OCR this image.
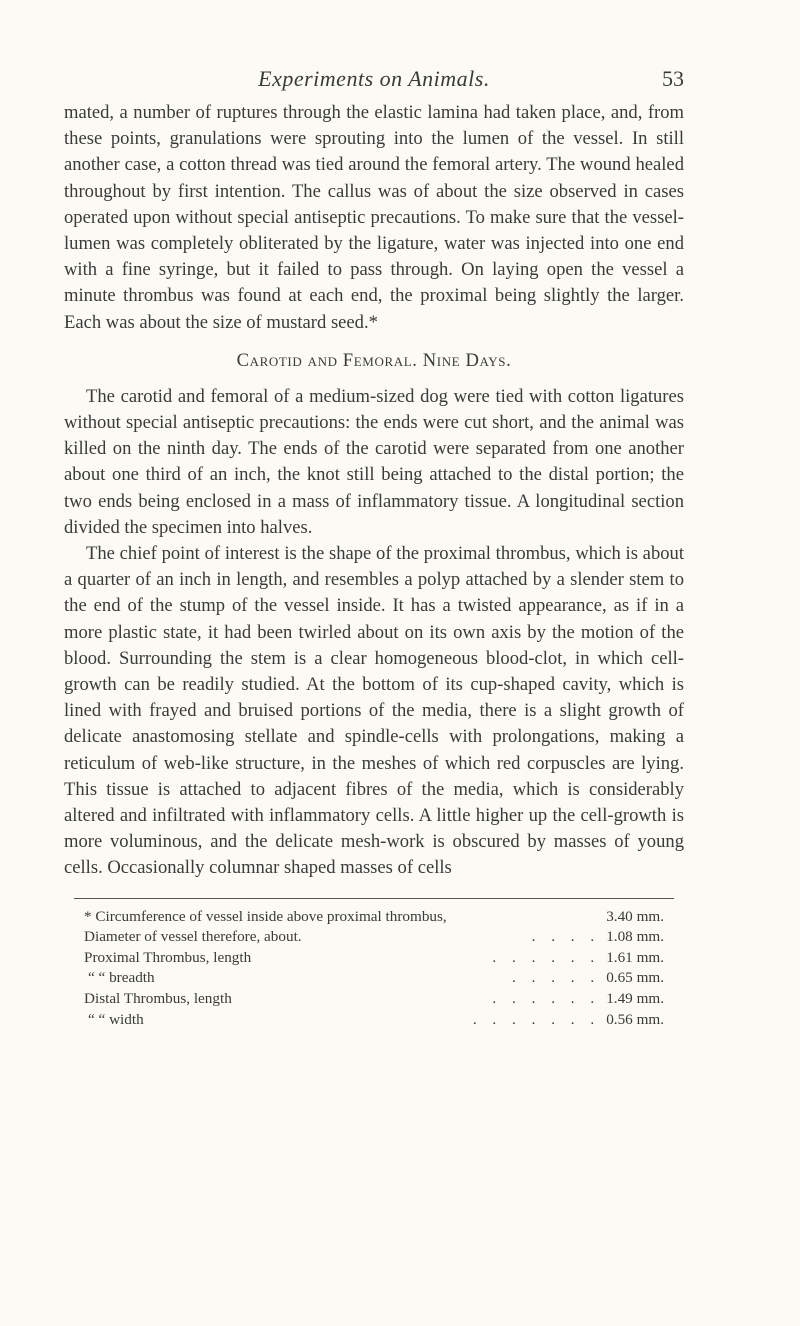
Experiments on Animals.	53

mated, a number of ruptures through the elastic lamina had taken place, and, from these points, granulations were sprouting into the lumen of the vessel. In still another case, a cotton thread was tied around the femoral artery. The wound healed throughout by first intention. The callus was of about the size observed in cases operated upon without special antiseptic precautions. To make sure that the vessel-lumen was completely obliterated by the ligature, water was injected into one end with a fine syringe, but it failed to pass through. On laying open the vessel a minute thrombus was found at each end, the proximal being slightly the larger. Each was about the size of mustard seed.*

Carotid and Femoral. Nine Days.

The carotid and femoral of a medium-sized dog were tied with cotton ligatures without special antiseptic precautions: the ends were cut short, and the animal was killed on the ninth day. The ends of the carotid were separated from one another about one third of an inch, the knot still being attached to the distal portion; the two ends being enclosed in a mass of inflammatory tissue. A longitudinal section divided the specimen into halves.

The chief point of interest is the shape of the proximal thrombus, which is about a quarter of an inch in length, and resembles a polyp attached by a slender stem to the end of the stump of the vessel inside. It has a twisted appearance, as if in a more plastic state, it had been twirled about on its own axis by the motion of the blood. Surrounding the stem is a clear homogeneous blood-clot, in which cell-growth can be readily studied. At the bottom of its cup-shaped cavity, which is lined with frayed and bruised portions of the media, there is a slight growth of delicate anastomosing stellate and spindle-cells with prolongations, making a reticulum of web-like structure, in the meshes of which red corpuscles are lying. This tissue is attached to adjacent fibres of the media, which is considerably altered and infiltrated with inflammatory cells. A little higher up the cell-growth is more voluminous, and the delicate mesh-work is obscured by masses of young cells. Occasionally columnar shaped masses of cells

* Circumference of vessel inside above proximal thrombus,	3.40 mm.
Diameter of vessel therefore, about.	. . . . 1.08 mm.
Proximal Thrombus, length	. . . . . . 1.61 mm.
“ “ breadth	. . . . . 0.65 mm.
Distal Thrombus, length	. . . . . . 1.49 mm.
“ “ width	. . . . . . . 0.56 mm.
